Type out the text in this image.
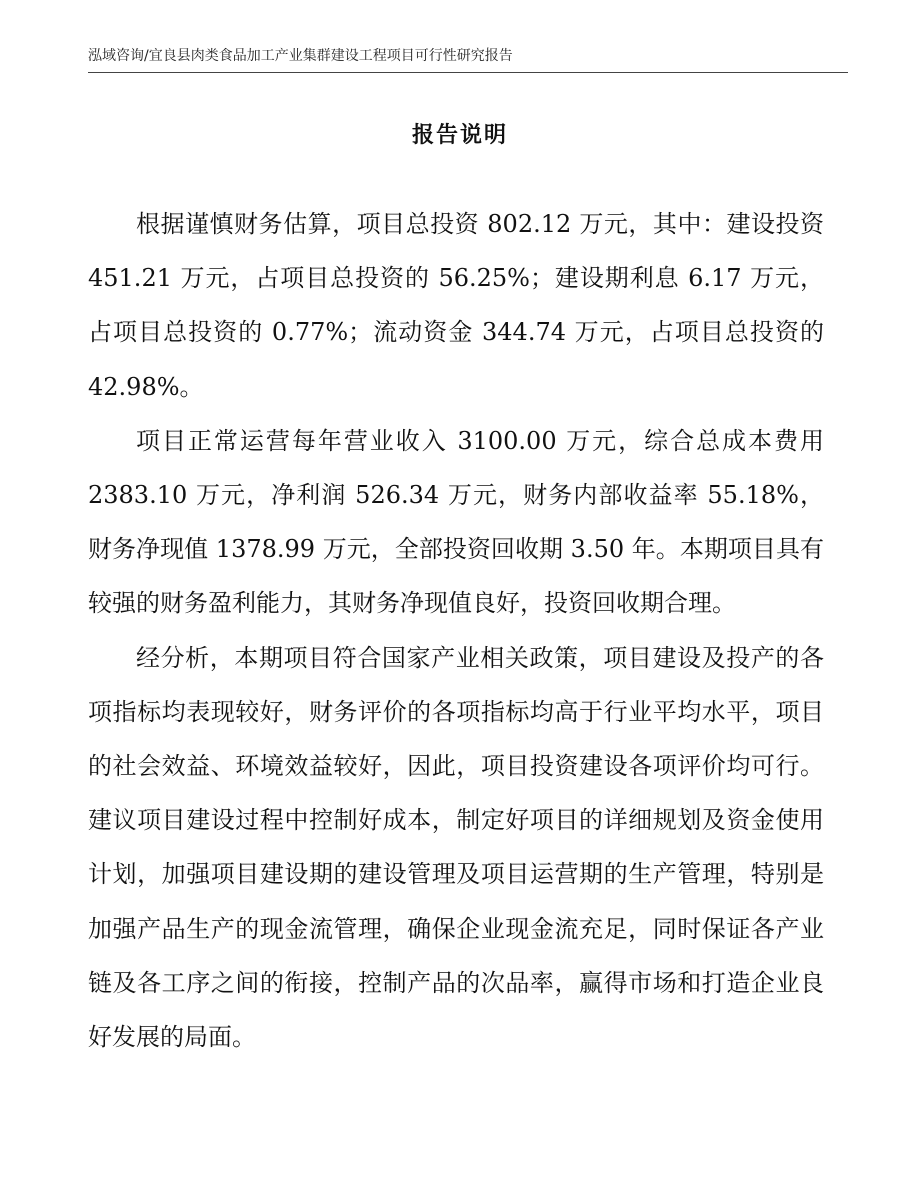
泓域咨询/宜良县肉类食品加工产业集群建设工程项目可行性研究报告
报告说明

根据谨慎财务估算，项目总投资 802.12 万元，其中：建设投资 451.21 万元，占项目总投资的 56.25%；建设期利息 6.17 万元，占项目总投资的 0.77%；流动资金 344.74 万元，占项目总投资的 42.98%。

项目正常运营每年营业收入 3100.00 万元，综合总成本费用 2383.10 万元，净利润 526.34 万元，财务内部收益率 55.18%，财务净现值 1378.99 万元，全部投资回收期 3.50 年。本期项目具有较强的财务盈利能力，其财务净现值良好，投资回收期合理。

经分析，本期项目符合国家产业相关政策，项目建设及投产的各项指标均表现较好，财务评价的各项指标均高于行业平均水平，项目的社会效益、环境效益较好，因此，项目投资建设各项评价均可行。建议项目建设过程中控制好成本，制定好项目的详细规划及资金使用计划，加强项目建设期的建设管理及项目运营期的生产管理，特别是加强产品生产的现金流管理，确保企业现金流充足，同时保证各产业链及各工序之间的衔接，控制产品的次品率，赢得市场和打造企业良好发展的局面。
